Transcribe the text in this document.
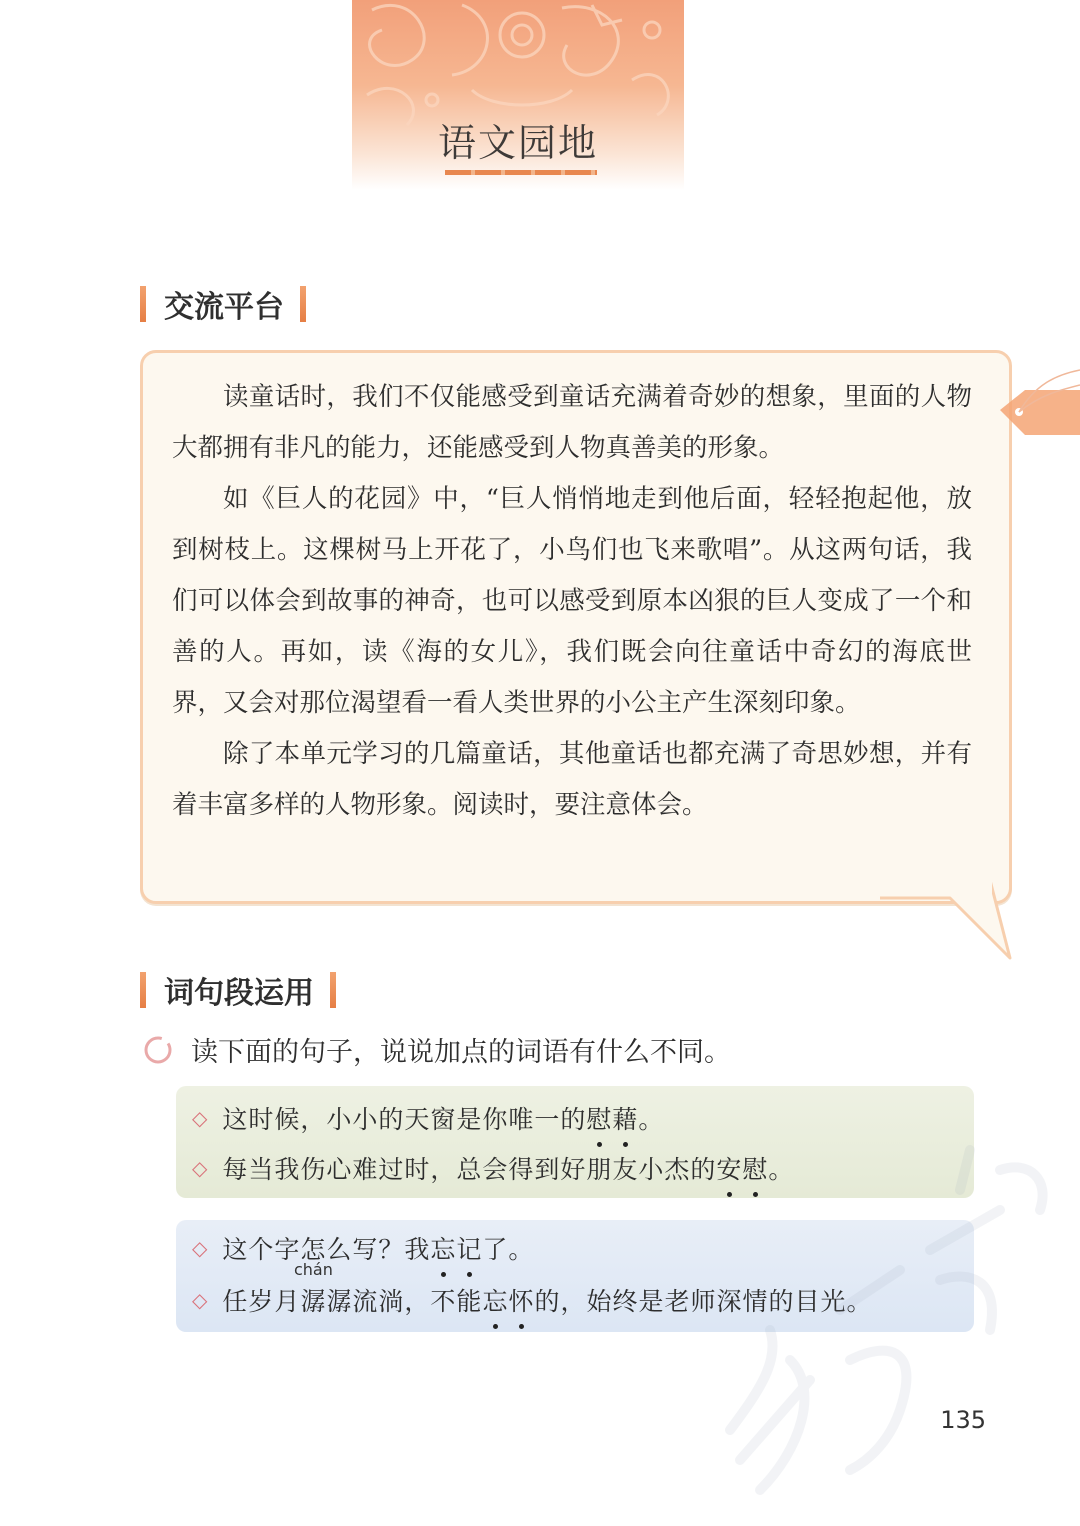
语文园地
交流平台

读童话时，我们不仅能感受到童话充满着奇妙的想象，里面的人物大都拥有非凡的能力，还能感受到人物真善美的形象。

如《巨人的花园》中，“巨人悄悄地走到他后面，轻轻抱起他，放到树枝上。这棵树马上开花了，小鸟们也飞来歌唱”。从这两句话，我们可以体会到故事的神奇，也可以感受到原本凶狠的巨人变成了一个和善的人。再如，读《海的女儿》，我们既会向往童话中奇幻的海底世界，又会对那位渴望看一看人类世界的小公主产生深刻印象。

除了本单元学习的几篇童话，其他童话也都充满了奇思妙想，并有着丰富多样的人物形象。阅读时，要注意体会。

词句段运用
读下面的句子，说说加点的词语有什么不同。
◇ 这时候，小小的天窗是你唯一的 慰藉 。
◇ 每当我伤心难过时，总会得到好朋友小杰的 安慰 。
◇ 这个字怎么写？我 忘记 了。
◇ 任岁月
chán
潺 潺流淌，不能 忘怀 的，始终是老师深情的目光。
135
